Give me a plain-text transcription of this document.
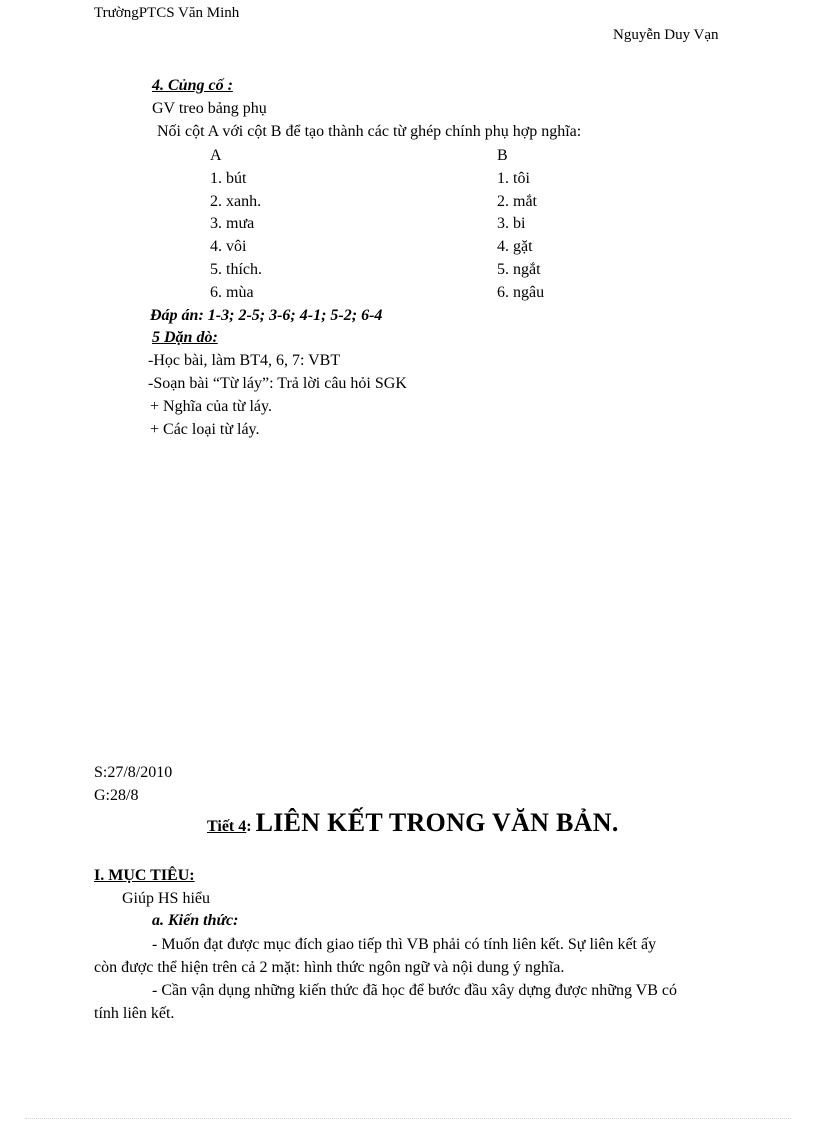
TrườngPTCS Văn Minh
Nguyễn Duy Vạn
4. Củng cố :
GV treo bảng phụ
Nối cột A với cột B để tạo thành các từ ghép chính phụ hợp nghĩa:
A	B
1. bút
2. xanh.
3. mưa
4. vôi
5. thích.
6. mùa
1. tôi
2. mắt
3. bi
4. gặt
5. ngắt
6. ngâu
Đáp án: 1-3; 2-5; 3-6; 4-1; 5-2; 6-4
5 Dặn dò:
-Học bài, làm BT4, 6, 7: VBT
-Soạn bài “Từ láy”: Trả lời câu hỏi SGK
+ Nghĩa của từ láy.
+ Các loại từ láy.
S:27/8/2010
G:28/8
Tiết 4: LIÊN KẾT TRONG VĂN BẢN.
I. MỤC TIÊU:
Giúp HS hiểu
a. Kiến thức:
- Muốn đạt được mục đích giao tiếp thì VB phải có tính liên kết. Sự liên kết ấy
còn được thể hiện trên cả 2 mặt: hình thức ngôn ngữ và nội dung ý nghĩa.
- Cần vận dụng những kiến thức đã học để bước đầu xây dựng được những VB có
tính liên kết.
